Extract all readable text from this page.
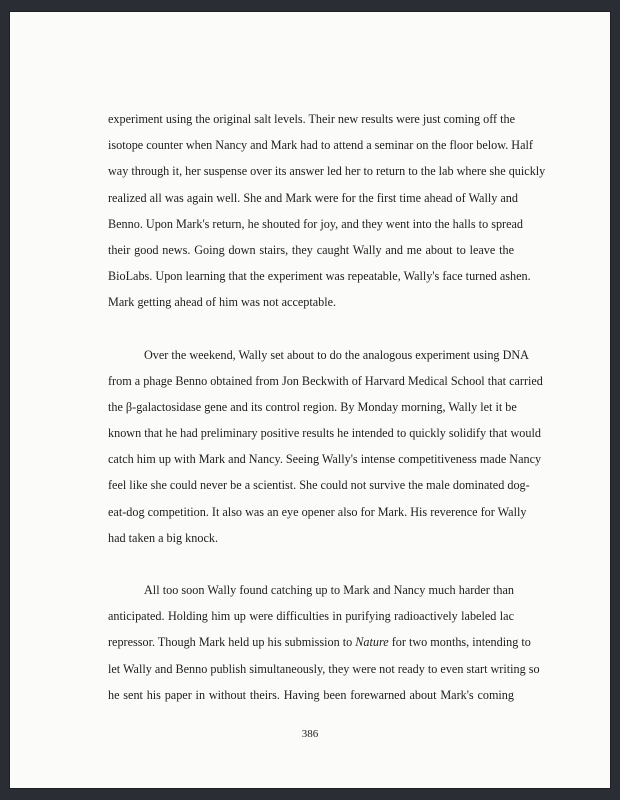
experiment using the original salt levels. Their new results were just coming off the
isotope counter when Nancy and Mark had to attend a seminar on the floor below. Half
way through it, her suspense over its answer led her to return to the lab where she quickly
realized all was again well. She and Mark were for the first time ahead of Wally and
Benno. Upon Mark's return, he shouted for joy, and they went into the halls to spread
their good news. Going down stairs, they caught Wally and me about to leave the
BioLabs. Upon learning that the experiment was repeatable, Wally's face turned ashen.
Mark getting ahead of him was not acceptable.
Over the weekend, Wally set about to do the analogous experiment using DNA
from a phage Benno obtained from Jon Beckwith of Harvard Medical School that carried
the β-galactosidase gene and its control region. By Monday morning, Wally let it be
known that he had preliminary positive results he intended to quickly solidify that would
catch him up with Mark and Nancy. Seeing Wally's intense competitiveness made Nancy
feel like she could never be a scientist. She could not survive the male dominated dog-
eat-dog competition. It also was an eye opener also for Mark. His reverence for Wally
had taken a big knock.
All too soon Wally found catching up to Mark and Nancy much harder than
anticipated. Holding him up were difficulties in purifying radioactively labeled lac
repressor. Though Mark held up his submission to Nature for two months, intending to
let Wally and Benno publish simultaneously, they were not ready to even start writing so
he sent his paper in without theirs. Having been forewarned about Mark's coming
386
